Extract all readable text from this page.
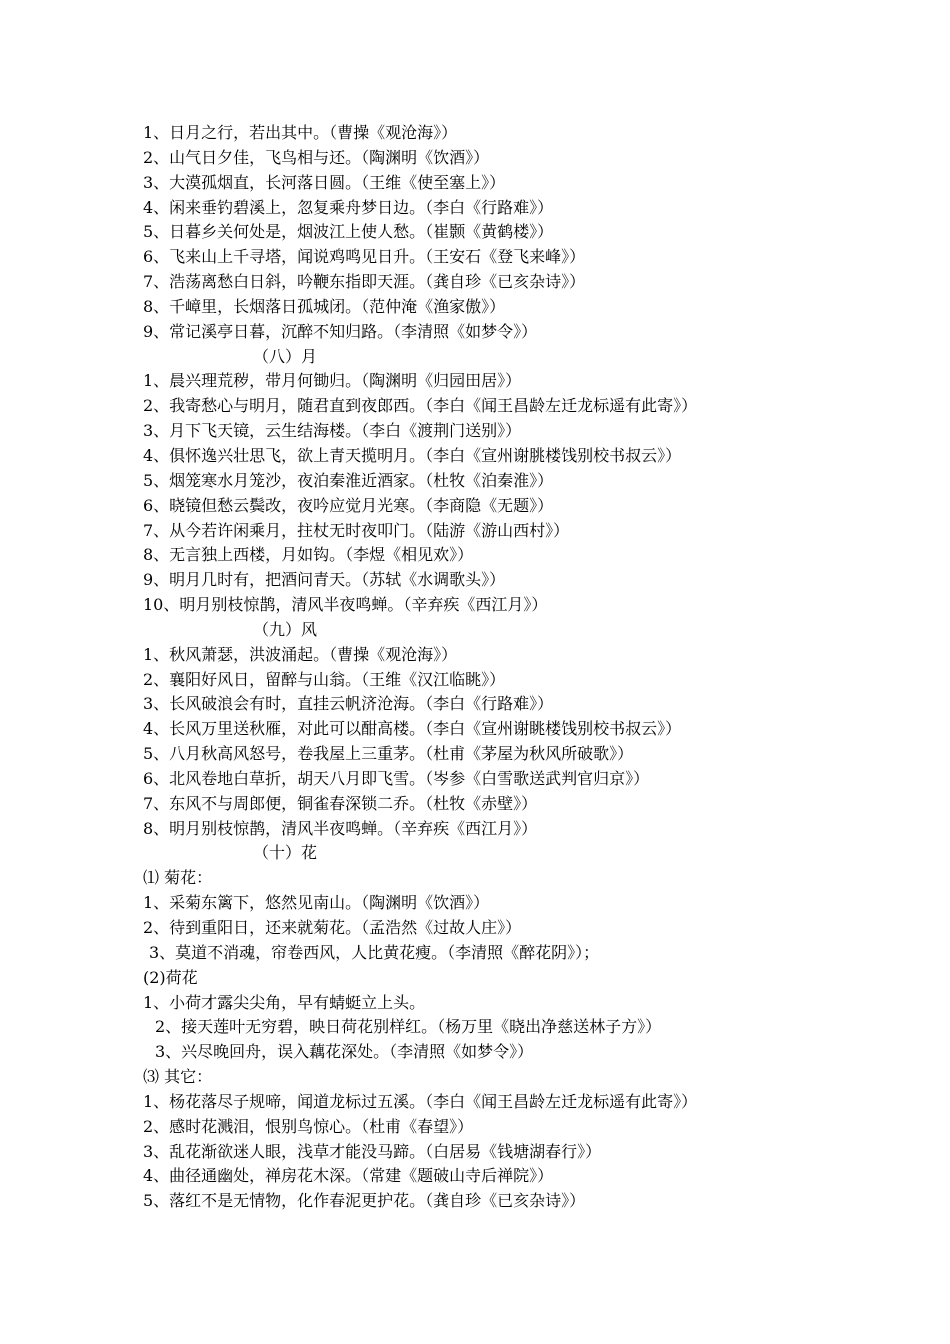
1、日月之行，若出其中。（曹操《观沧海》）
2、山气日夕佳，飞鸟相与还。（陶渊明《饮酒》）
3、大漠孤烟直，长河落日圆。（王维《使至塞上》）
4、闲来垂钓碧溪上，忽复乘舟梦日边。（李白《行路难》）
5、日暮乡关何处是，烟波江上使人愁。（崔颢《黄鹤楼》）
6、飞来山上千寻塔，闻说鸡鸣见日升。（王安石《登飞来峰》）
7、浩荡离愁白日斜，吟鞭东指即天涯。（龚自珍《已亥杂诗》）
8、千嶂里，长烟落日孤城闭。（范仲淹《渔家傲》）
9、常记溪亭日暮，沉醉不知归路。（李清照《如梦令》）
（八）月
1、晨兴理荒秽，带月何锄归。（陶渊明《归园田居》）
2、我寄愁心与明月，随君直到夜郎西。（李白《闻王昌龄左迁龙标遥有此寄》）
3、月下飞天镜，云生结海楼。（李白《渡荆门送别》）
4、俱怀逸兴壮思飞，欲上青天揽明月。（李白《宣州谢朓楼饯别校书叔云》）
5、烟笼寒水月笼沙，夜泊秦淮近酒家。（杜牧《泊秦淮》）
6、晓镜但愁云鬓改，夜吟应觉月光寒。（李商隐《无题》）
7、从今若许闲乘月，拄杖无时夜叩门。（陆游《游山西村》）
8、无言独上西楼，月如钩。（李煜《相见欢》）
9、明月几时有，把酒问青天。（苏轼《水调歌头》）
10、明月别枝惊鹊，清风半夜鸣蝉。（辛弃疾《西江月》）
（九）风
1、秋风萧瑟，洪波涌起。（曹操《观沧海》）
2、襄阳好风日，留醉与山翁。（王维《汉江临眺》）
3、长风破浪会有时，直挂云帆济沧海。（李白《行路难》）
4、长风万里送秋雁，对此可以酣高楼。（李白《宣州谢眺楼饯别校书叔云》）
5、八月秋高风怒号，卷我屋上三重茅。（杜甫《茅屋为秋风所破歌》）
6、北风卷地白草折，胡天八月即飞雪。（岑参《白雪歌送武判官归京》）
7、东风不与周郎便，铜雀春深锁二乔。（杜牧《赤壁》）
8、明月别枝惊鹊，清风半夜鸣蝉。（辛弃疾《西江月》）
（十）花
⑴ 菊花：
1、采菊东篱下，悠然见南山。（陶渊明《饮酒》）
2、待到重阳日，还来就菊花。（孟浩然《过故人庄》）
3、莫道不消魂，帘卷西风，人比黄花瘦。（李清照《醉花阴》）；
(2)荷花
1、小荷才露尖尖角，早有蜻蜓立上头。
2、接天莲叶无穷碧，映日荷花别样红。（杨万里《晓出净慈送林子方》）
3、兴尽晚回舟，误入藕花深处。（李清照《如梦令》）
⑶ 其它：
1、杨花落尽子规啼，闻道龙标过五溪。（李白《闻王昌龄左迁龙标遥有此寄》）
2、感时花溅泪，恨别鸟惊心。（杜甫《春望》）
3、乱花渐欲迷人眼，浅草才能没马蹄。（白居易《钱塘湖春行》）
4、曲径通幽处，禅房花木深。（常建《题破山寺后禅院》）
5、落红不是无情物，化作春泥更护花。（龚自珍《已亥杂诗》）
